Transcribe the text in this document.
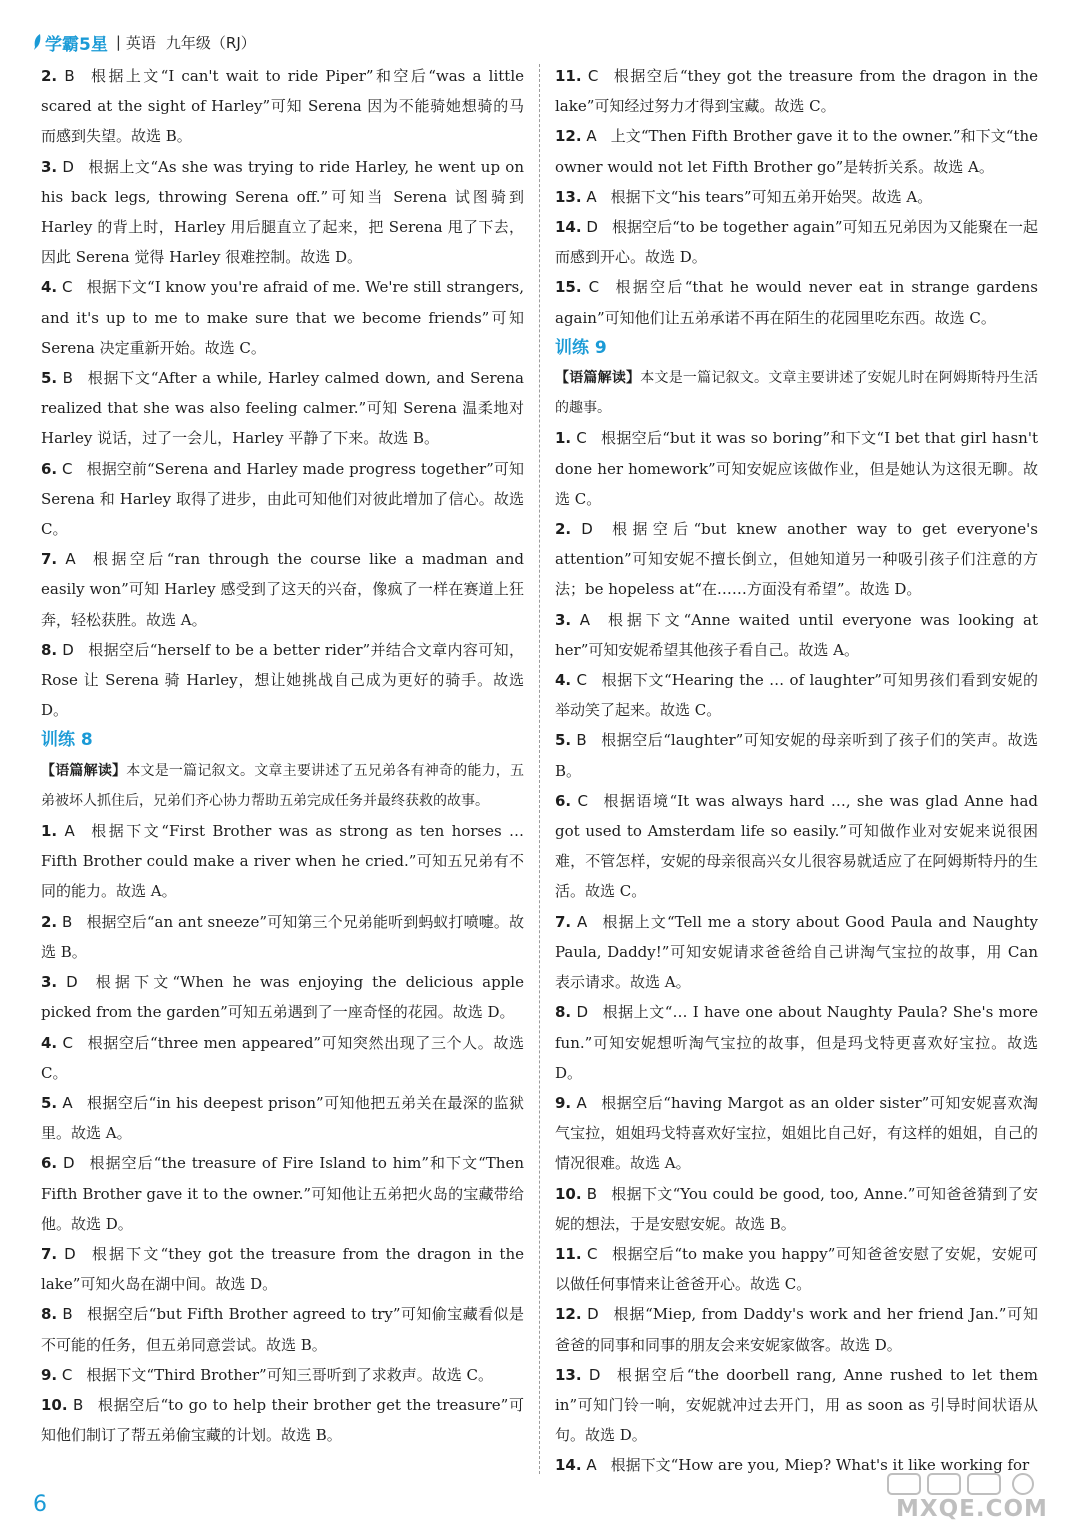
学霸5星 | 英语 九年级（RJ）

2. B 根据上文“I can't wait to ride Piper”和空后“was a little scared at the sight of Harley”可知 Serena 因为不能骑她想骑的马而感到失望。故选 B。

3. D 根据上文“As she was trying to ride Harley, he went up on his back legs, throwing Serena off.”可知当 Serena 试图骑到 Harley 的背上时，Harley 用后腿直立了起来，把 Serena 甩了下去，因此 Serena 觉得 Harley 很难控制。故选 D。

4. C 根据下文“I know you're afraid of me. We're still strangers, and it's up to me to make sure that we become friends”可知 Serena 决定重新开始。故选 C。

5. B 根据下文“After a while, Harley calmed down, and Serena realized that she was also feeling calmer.”可知 Serena 温柔地对 Harley 说话，过了一会儿，Harley 平静了下来。故选 B。

6. C 根据空前“Serena and Harley made progress together”可知 Serena 和 Harley 取得了进步，由此可知他们对彼此增加了信心。故选 C。

7. A 根据空后“ran through the course like a madman and easily won”可知 Harley 感受到了这天的兴奋，像疯了一样在赛道上狂奔，轻松获胜。故选 A。

8. D 根据空后“herself to be a better rider”并结合文章内容可知，Rose 让 Serena 骑 Harley，想让她挑战自己成为更好的骑手。故选 D。

训练 8

【语篇解读】本文是一篇记叙文。文章主要讲述了五兄弟各有神奇的能力，五弟被坏人抓住后，兄弟们齐心协力帮助五弟完成任务并最终获救的故事。

1. A 根据下文“First Brother was as strong as ten horses … Fifth Brother could make a river when he cried.”可知五兄弟有不同的能力。故选 A。

2. B 根据空后“an ant sneeze”可知第三个兄弟能听到蚂蚁打喷嚏。故选 B。

3. D 根据下文“When he was enjoying the delicious apple picked from the garden”可知五弟遇到了一座奇怪的花园。故选 D。

4. C 根据空后“three men appeared”可知突然出现了三个人。故选 C。

5. A 根据空后“in his deepest prison”可知他把五弟关在最深的监狱里。故选 A。

6. D 根据空后“the treasure of Fire Island to him”和下文“Then Fifth Brother gave it to the owner.”可知他让五弟把火岛的宝藏带给他。故选 D。

7. D 根据下文“they got the treasure from the dragon in the lake”可知火岛在湖中间。故选 D。

8. B 根据空后“but Fifth Brother agreed to try”可知偷宝藏看似是不可能的任务，但五弟同意尝试。故选 B。

9. C 根据下文“Third Brother”可知三哥听到了求救声。故选 C。

10. B 根据空后“to go to help their brother get the treasure”可知他们制订了帮五弟偷宝藏的计划。故选 B。

11. C 根据空后“they got the treasure from the dragon in the lake”可知经过努力才得到宝藏。故选 C。

12. A 上文“Then Fifth Brother gave it to the owner.”和下文“the owner would not let Fifth Brother go”是转折关系。故选 A。

13. A 根据下文“his tears”可知五弟开始哭。故选 A。

14. D 根据空后“to be together again”可知五兄弟因为又能聚在一起而感到开心。故选 D。

15. C 根据空后“that he would never eat in strange gardens again”可知他们让五弟承诺不再在陌生的花园里吃东西。故选 C。

训练 9

【语篇解读】本文是一篇记叙文。文章主要讲述了安妮儿时在阿姆斯特丹生活的趣事。

1. C 根据空后“but it was so boring”和下文“I bet that girl hasn't done her homework”可知安妮应该做作业，但是她认为这很无聊。故选 C。

2. D 根据空后“but knew another way to get everyone's attention”可知安妮不擅长倒立，但她知道另一种吸引孩子们注意的方法；be hopeless at“在……方面没有希望”。故选 D。

3. A 根据下文“Anne waited until everyone was looking at her”可知安妮希望其他孩子看自己。故选 A。

4. C 根据下文“Hearing the … of laughter”可知男孩们看到安妮的举动笑了起来。故选 C。

5. B 根据空后“laughter”可知安妮的母亲听到了孩子们的笑声。故选 B。

6. C 根据语境“It was always hard …, she was glad Anne had got used to Amsterdam life so easily.”可知做作业对安妮来说很困难，不管怎样，安妮的母亲很高兴女儿很容易就适应了在阿姆斯特丹的生活。故选 C。

7. A 根据上文“Tell me a story about Good Paula and Naughty Paula, Daddy!”可知安妮请求爸爸给自己讲淘气宝拉的故事，用 Can 表示请求。故选 A。

8. D 根据上文“… I have one about Naughty Paula? She's more fun.”可知安妮想听淘气宝拉的故事，但是玛戈特更喜欢好宝拉。故选 D。

9. A 根据空后“having Margot as an older sister”可知安妮喜欢淘气宝拉，姐姐玛戈特喜欢好宝拉，姐姐比自己好，有这样的姐姐，自己的情况很难。故选 A。

10. B 根据下文“You could be good, too, Anne.”可知爸爸猜到了安妮的想法，于是安慰安妮。故选 B。

11. C 根据空后“to make you happy”可知爸爸安慰了安妮，安妮可以做任何事情来让爸爸开心。故选 C。

12. D 根据“Miep, from Daddy's work and her friend Jan.”可知爸爸的同事和同事的朋友会来安妮家做客。故选 D。

13. D 根据空后“the doorbell rang, Anne rushed to let them in”可知门铃一响，安妮就冲过去开门，用 as soon as 引导时间状语从句。故选 D。

14. A 根据下文“How are you, Miep? What's it like working for

6	MXQE.COM
